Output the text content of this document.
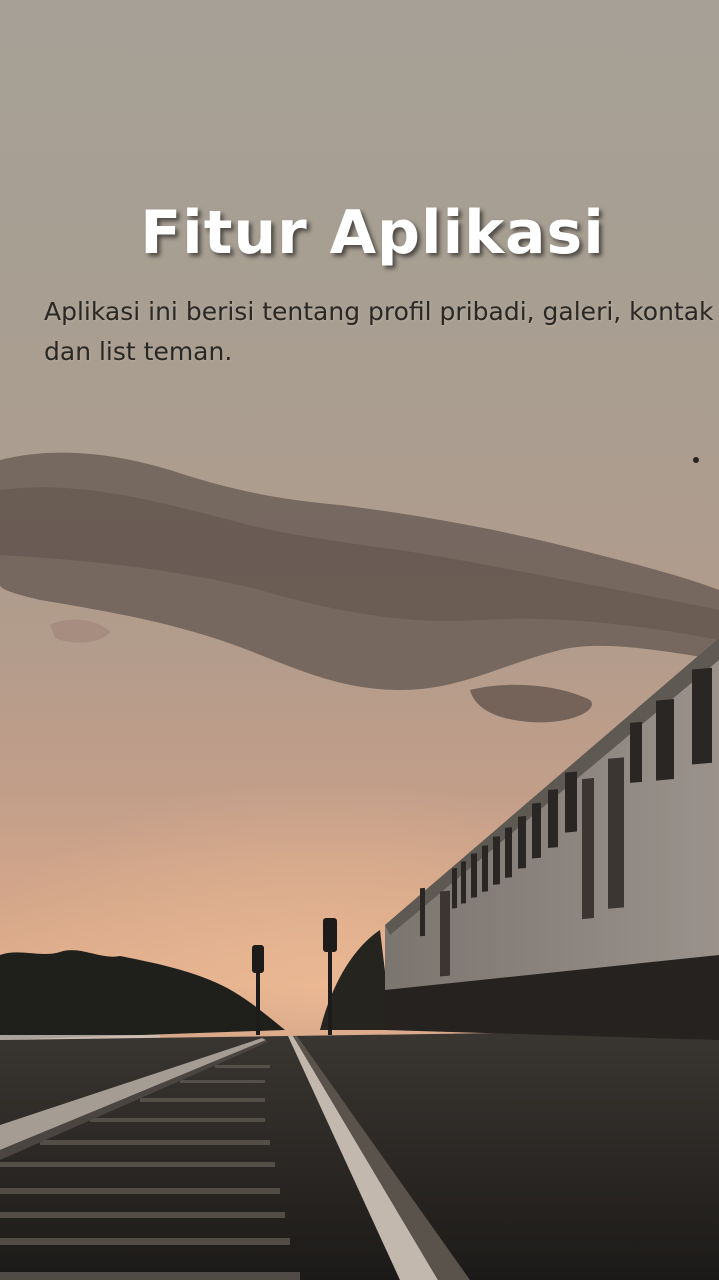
Fitur Aplikasi

Aplikasi ini berisi tentang profil pribadi, galeri, kontak dan list teman.
